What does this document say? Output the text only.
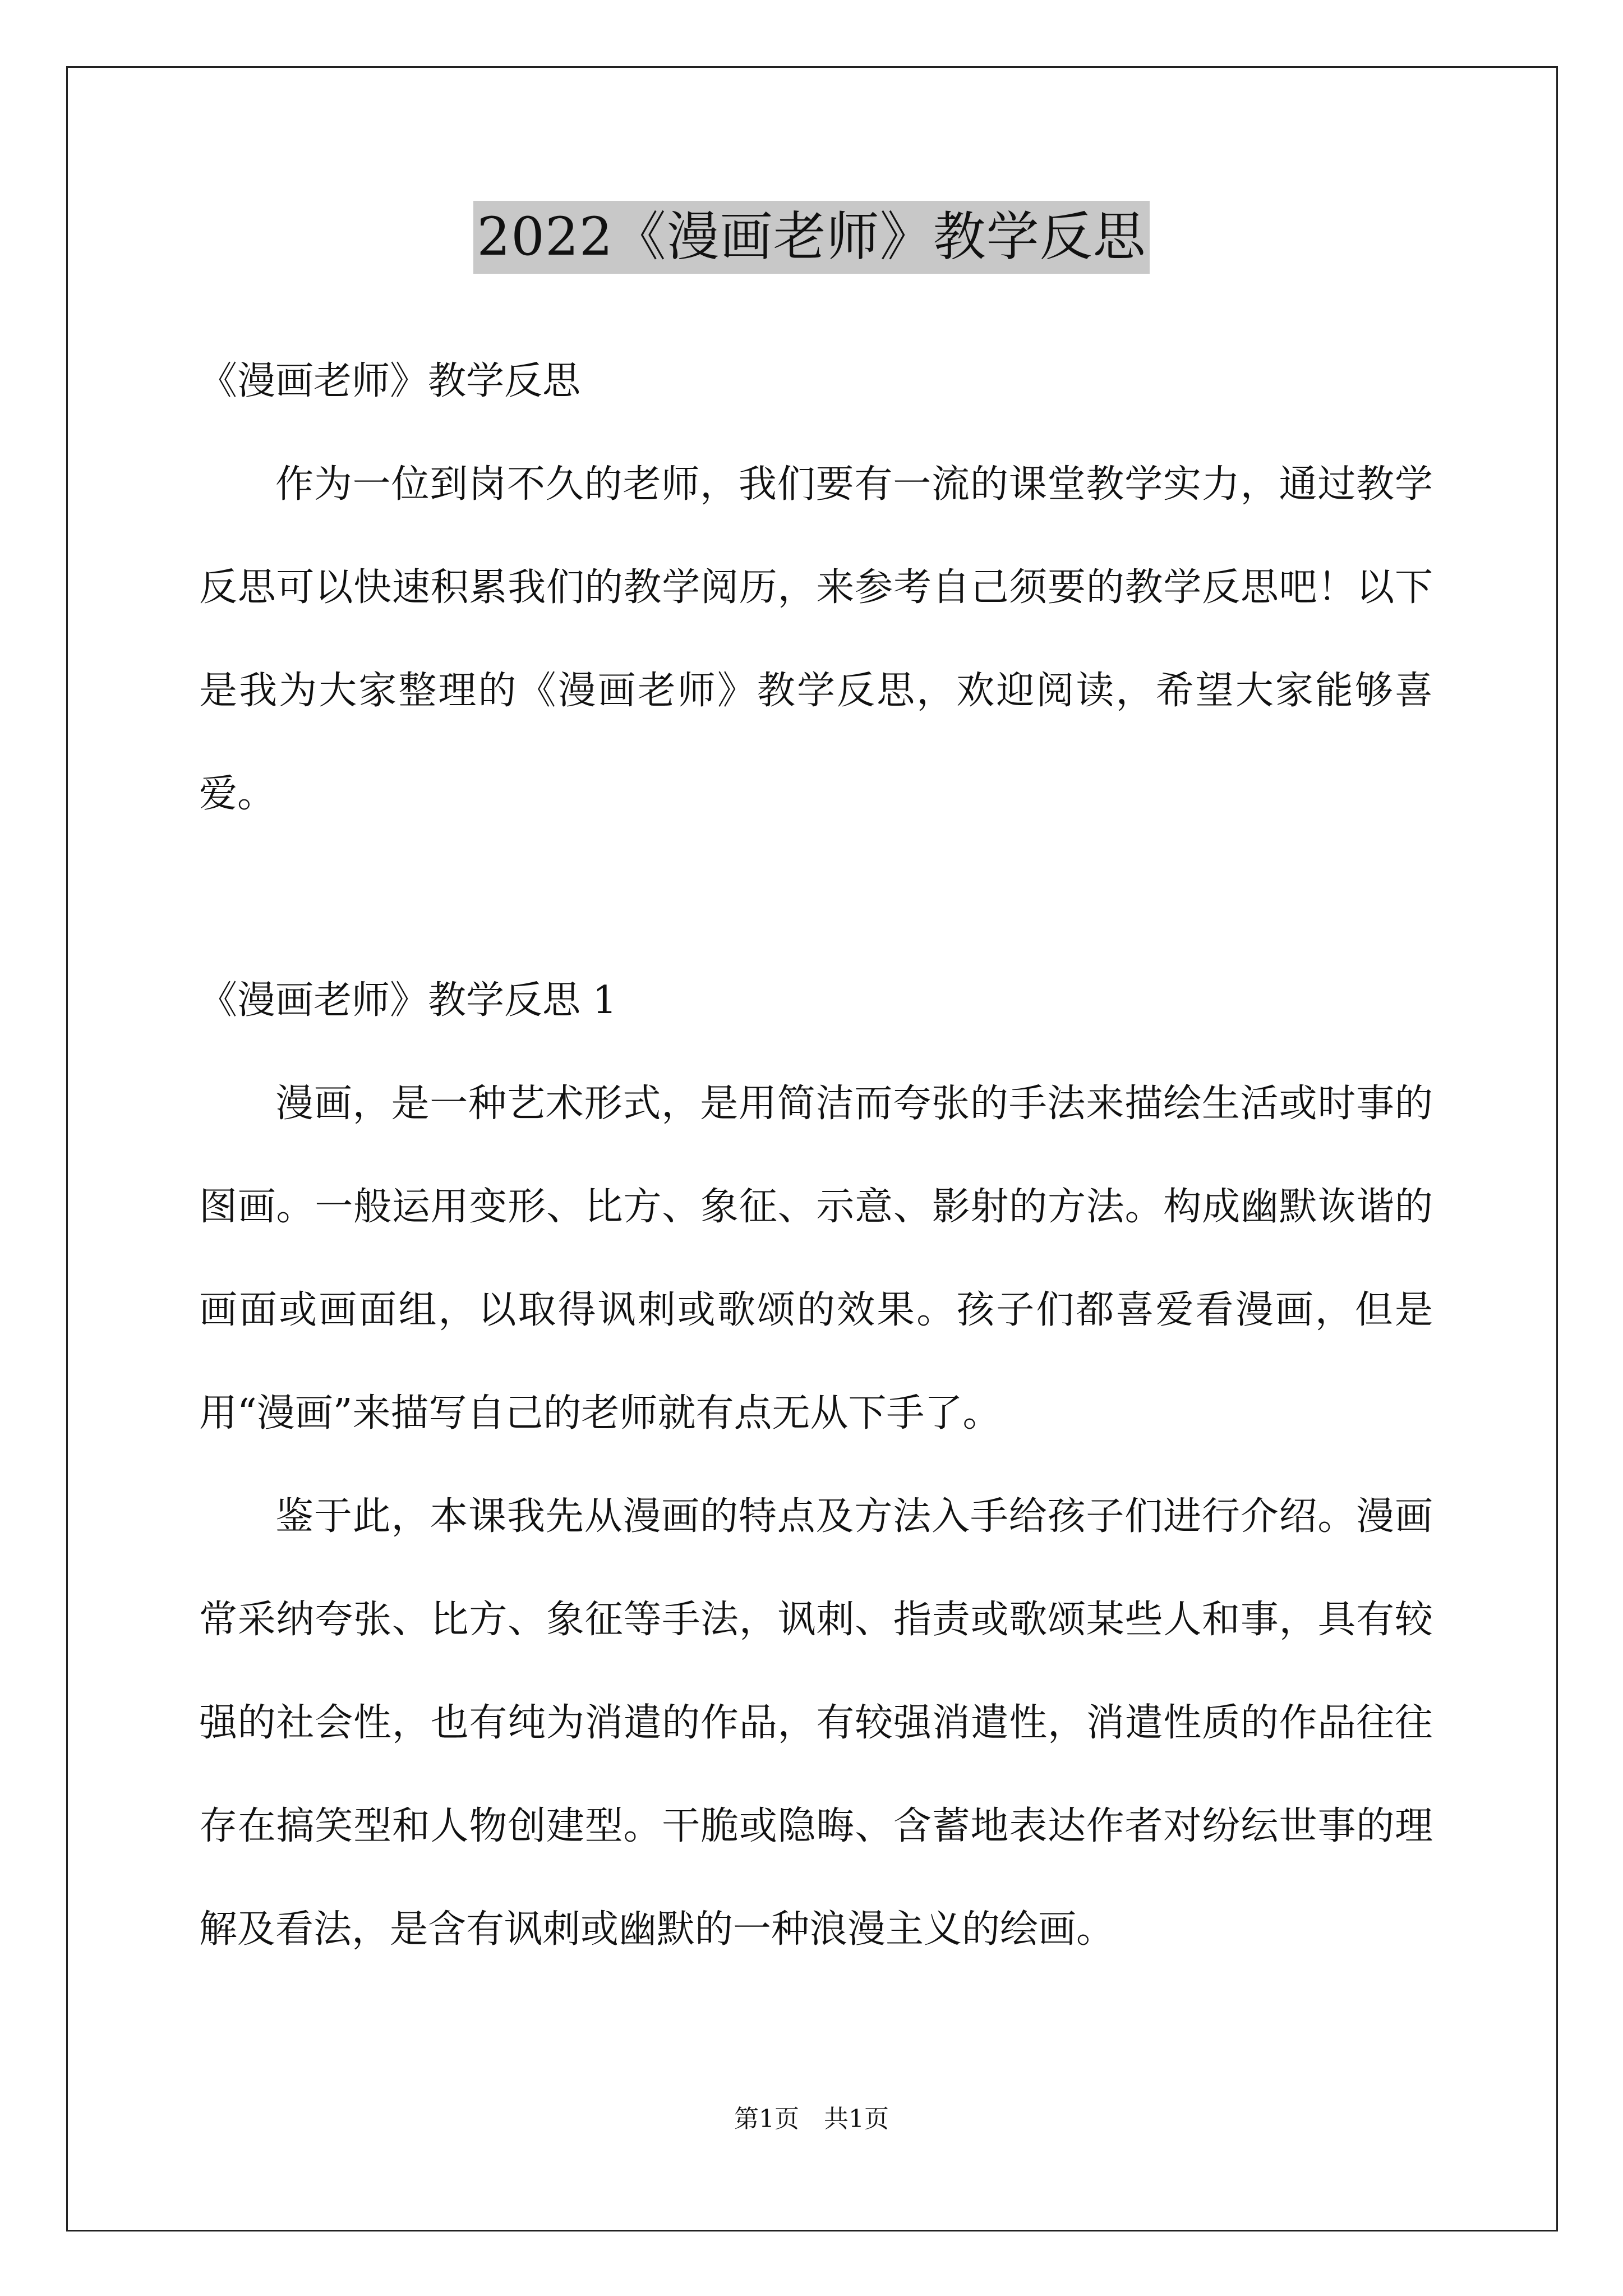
2022《漫画老师》教学反思

《漫画老师》教学反思

作为一位到岗不久的老师，我们要有一流的课堂教学实力，通过教学反思可以快速积累我们的教学阅历，来参考自己须要的教学反思吧！以下是我为大家整理的《漫画老师》教学反思，欢迎阅读，希望大家能够喜爱。

《漫画老师》教学反思 1

漫画，是一种艺术形式，是用简洁而夸张的手法来描绘生活或时事的图画。一般运用变形、比方、象征、示意、影射的方法。构成幽默诙谐的画面或画面组，以取得讽刺或歌颂的效果。孩子们都喜爱看漫画，但是用“漫画”来描写自己的老师就有点无从下手了。

鉴于此，本课我先从漫画的特点及方法入手给孩子们进行介绍。漫画常采纳夸张、比方、象征等手法，讽刺、指责或歌颂某些人和事，具有较强的社会性，也有纯为消遣的作品，有较强消遣性，消遣性质的作品往往存在搞笑型和人物创建型。干脆或隐晦、含蓄地表达作者对纷纭世事的理解及看法，是含有讽刺或幽默的一种浪漫主义的绘画。

第1页 共1页
